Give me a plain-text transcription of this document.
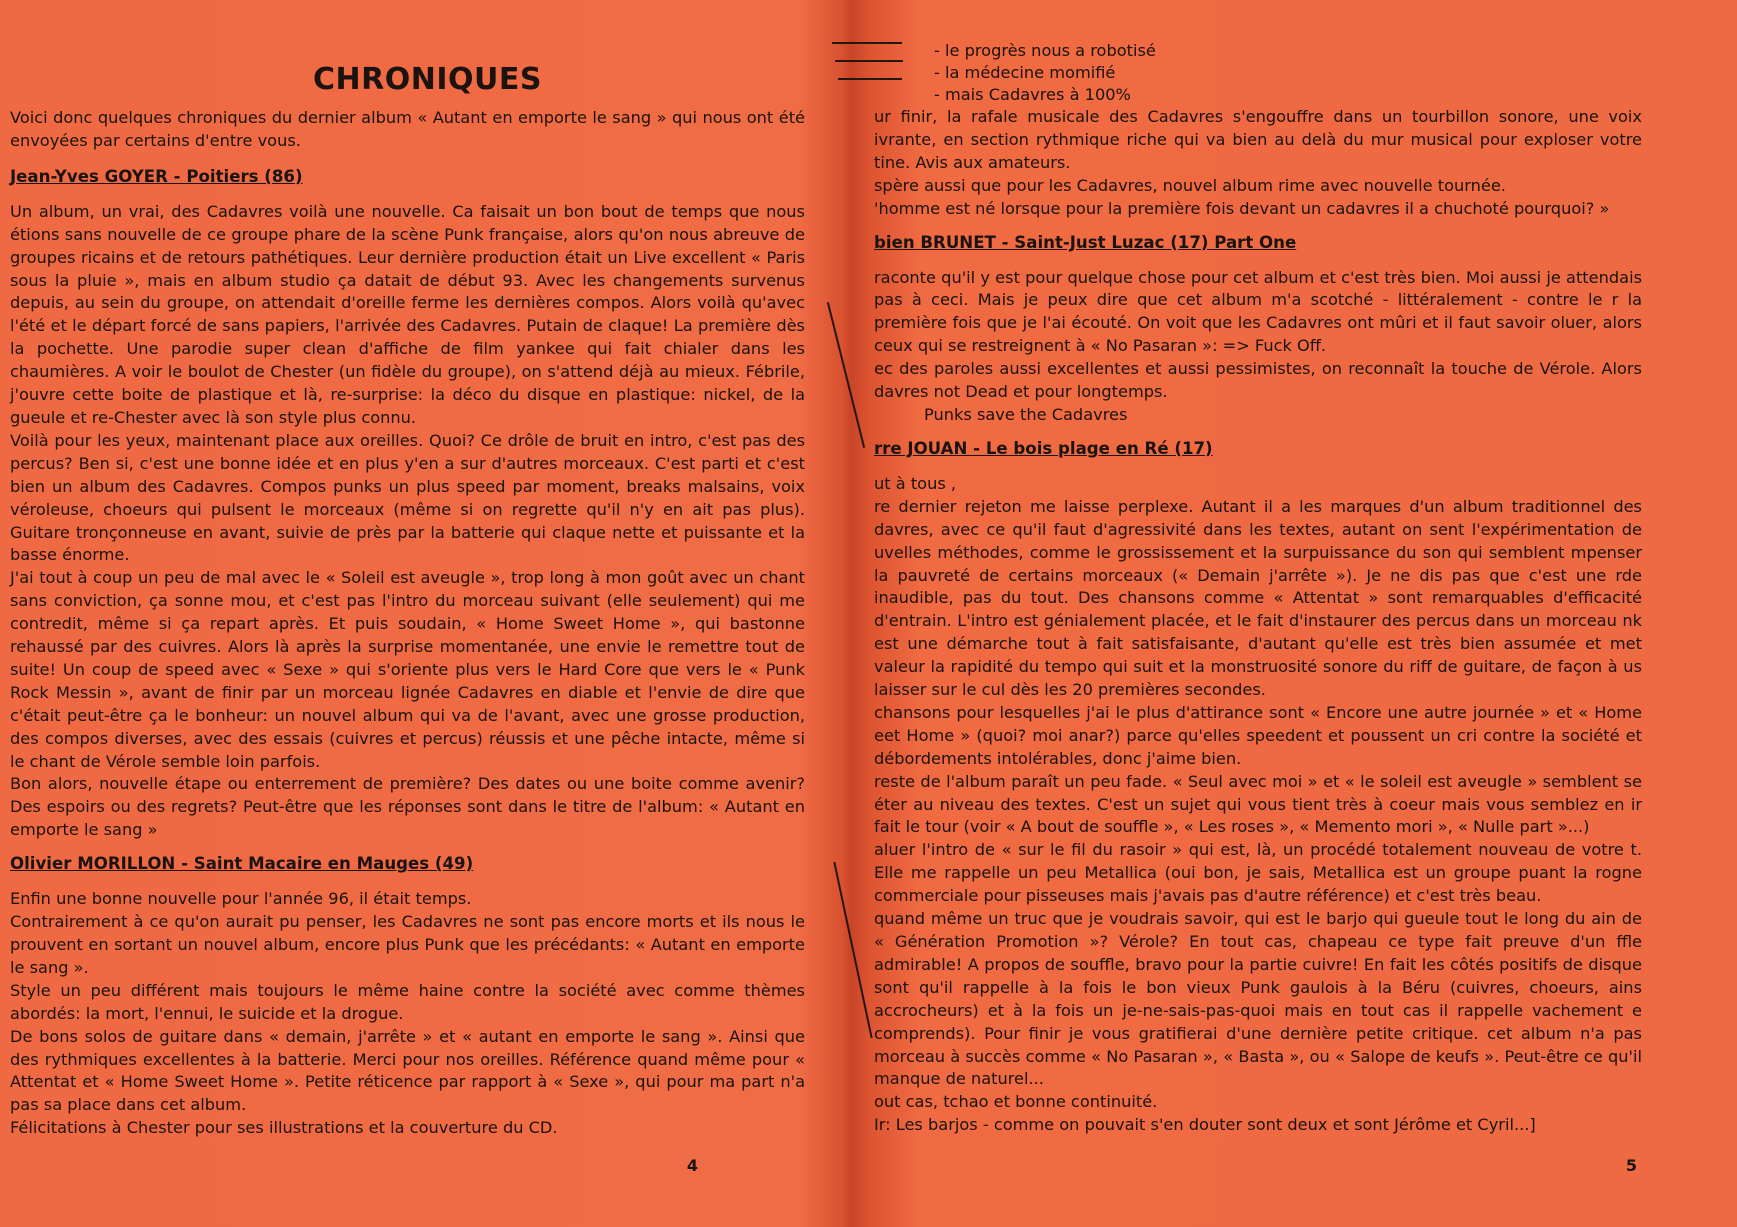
CHRONIQUES

Voici donc quelques chroniques du dernier album « Autant en emporte le sang » qui nous ont été envoyées par certains d'entre vous.

Jean-Yves GOYER - Poitiers (86)

Un album, un vrai, des Cadavres voilà une nouvelle. Ca faisait un bon bout de temps que nous étions sans nouvelle de ce groupe phare de la scène Punk française, alors qu'on nous abreuve de groupes ricains et de retours pathétiques. Leur dernière production était un Live excellent « Paris sous la pluie », mais en album studio ça datait de début 93. Avec les changements survenus depuis, au sein du groupe, on attendait d'oreille ferme les dernières compos. Alors voilà qu'avec l'été et le départ forcé de sans papiers, l'arrivée des Cadavres. Putain de claque! La première dès la pochette. Une parodie super clean d'affiche de film yankee qui fait chialer dans les chaumières. A voir le boulot de Chester (un fidèle du groupe), on s'attend déjà au mieux. Fébrile, j'ouvre cette boite de plastique et là, re-surprise: la déco du disque en plastique: nickel, de la gueule et re-Chester avec là son style plus connu.

Voilà pour les yeux, maintenant place aux oreilles. Quoi? Ce drôle de bruit en intro, c'est pas des percus? Ben si, c'est une bonne idée et en plus y'en a sur d'autres morceaux. C'est parti et c'est bien un album des Cadavres. Compos punks un plus speed par moment, breaks malsains, voix véroleuse, choeurs qui pulsent le morceaux (même si on regrette qu'il n'y en ait pas plus). Guitare tronçonneuse en avant, suivie de près par la batterie qui claque nette et puissante et la basse énorme.

J'ai tout à coup un peu de mal avec le « Soleil est aveugle », trop long à mon goût avec un chant sans conviction, ça sonne mou, et c'est pas l'intro du morceau suivant (elle seulement) qui me contredit, même si ça repart après. Et puis soudain, « Home Sweet Home », qui bastonne rehaussé par des cuivres. Alors là après la surprise momentanée, une envie le remettre tout de suite! Un coup de speed avec « Sexe » qui s'oriente plus vers le Hard Core que vers le « Punk Rock Messin », avant de finir par un morceau lignée Cadavres en diable et l'envie de dire que c'était peut-être ça le bonheur: un nouvel album qui va de l'avant, avec une grosse production, des compos diverses, avec des essais (cuivres et percus) réussis et une pêche intacte, même si le chant de Vérole semble loin parfois.

Bon alors, nouvelle étape ou enterrement de première? Des dates ou une boite comme avenir? Des espoirs ou des regrets? Peut-être que les réponses sont dans le titre de l'album: « Autant en emporte le sang »

Olivier MORILLON - Saint Macaire en Mauges (49)

Enfin une bonne nouvelle pour l'année 96, il était temps.

Contrairement à ce qu'on aurait pu penser, les Cadavres ne sont pas encore morts et ils nous le prouvent en sortant un nouvel album, encore plus Punk que les précédants: « Autant en emporte le sang ».

Style un peu différent mais toujours le même haine contre la société avec comme thèmes abordés: la mort, l'ennui, le suicide et la drogue.

De bons solos de guitare dans « demain, j'arrête » et « autant en emporte le sang ». Ainsi que des rythmiques excellentes à la batterie. Merci pour nos oreilles. Référence quand même pour « Attentat et « Home Sweet Home ». Petite réticence par rapport à « Sexe », qui pour ma part n'a pas sa place dans cet album.

Félicitations à Chester pour ses illustrations et la couverture du CD.

4
- le progrès nous a robotisé
- la médecine momifié
- mais Cadavres à 100%

ur finir, la rafale musicale des Cadavres s'engouffre dans un tourbillon sonore, une voix ivrante, en section rythmique riche qui va bien au delà du mur musical pour exploser votre tine. Avis aux amateurs.

spère aussi que pour les Cadavres, nouvel album rime avec nouvelle tournée.

'homme est né lorsque pour la première fois devant un cadavres il a chuchoté pourquoi? »

bien BRUNET - Saint-Just Luzac (17) Part One

raconte qu'il y est pour quelque chose pour cet album et c'est très bien. Moi aussi je attendais pas à ceci. Mais je peux dire que cet album m'a scotché - littéralement - contre le r la première fois que je l'ai écouté. On voit que les Cadavres ont mûri et il faut savoir oluer, alors ceux qui se restreignent à « No Pasaran »: => Fuck Off.

ec des paroles aussi excellentes et aussi pessimistes, on reconnaît la touche de Vérole. Alors davres not Dead et pour longtemps.

Punks save the Cadavres

rre JOUAN - Le bois plage en Ré (17)

ut à tous ,

re dernier rejeton me laisse perplexe. Autant il a les marques d'un album traditionnel des davres, avec ce qu'il faut d'agressivité dans les textes, autant on sent l'expérimentation de uvelles méthodes, comme le grossissement et la surpuissance du son qui semblent mpenser la pauvreté de certains morceaux (« Demain j'arrête »). Je ne dis pas que c'est une rde inaudible, pas du tout. Des chansons comme « Attentat » sont remarquables d'efficacité d'entrain. L'intro est génialement placée, et le fait d'instaurer des percus dans un morceau nk est une démarche tout à fait satisfaisante, d'autant qu'elle est très bien assumée et met valeur la rapidité du tempo qui suit et la monstruosité sonore du riff de guitare, de façon à us laisser sur le cul dès les 20 premières secondes.

chansons pour lesquelles j'ai le plus d'attirance sont « Encore une autre journée » et « Home eet Home » (quoi? moi anar?) parce qu'elles speedent et poussent un cri contre la société et débordements intolérables, donc j'aime bien.

reste de l'album paraît un peu fade. « Seul avec moi » et « le soleil est aveugle » semblent se éter au niveau des textes. C'est un sujet qui vous tient très à coeur mais vous semblez en ir fait le tour (voir « A bout de souffle », « Les roses », « Memento mori », « Nulle part »...)

aluer l'intro de « sur le fil du rasoir » qui est, là, un procédé totalement nouveau de votre t. Elle me rappelle un peu Metallica (oui bon, je sais, Metallica est un groupe puant la rogne commerciale pour pisseuses mais j'avais pas d'autre référence) et c'est très beau.

quand même un truc que je voudrais savoir, qui est le barjo qui gueule tout le long du ain de « Génération Promotion »? Vérole? En tout cas, chapeau ce type fait preuve d'un ffle admirable! A propos de souffle, bravo pour la partie cuivre! En fait les côtés positifs de disque sont qu'il rappelle à la fois le bon vieux Punk gaulois à la Béru (cuivres, choeurs, ains accrocheurs) et à la fois un je-ne-sais-pas-quoi mais en tout cas il rappelle vachement e comprends). Pour finir je vous gratifierai d'une dernière petite critique. cet album n'a pas morceau à succès comme « No Pasaran », « Basta », ou « Salope de keufs ». Peut-être ce qu'il manque de naturel...

out cas, tchao et bonne continuité.

Ir: Les barjos - comme on pouvait s'en douter sont deux et sont Jérôme et Cyril...]

5
